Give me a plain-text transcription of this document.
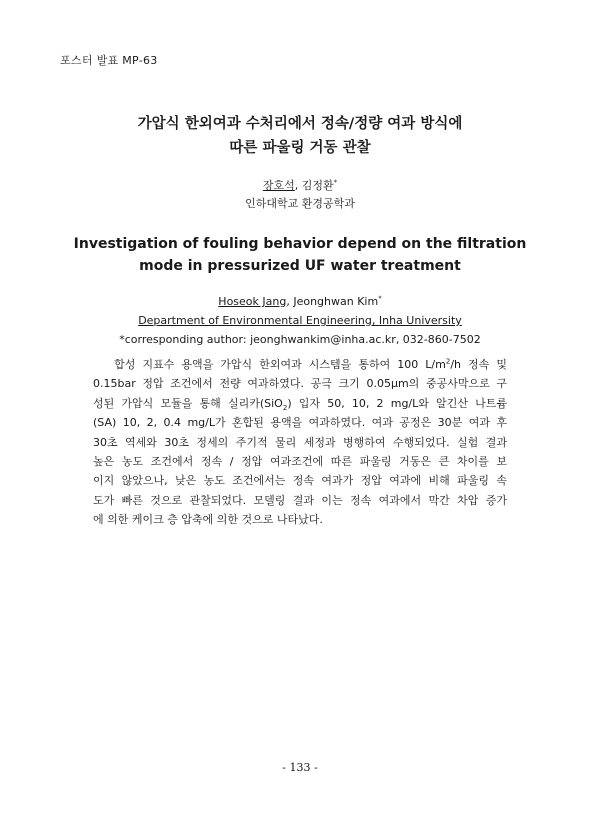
포스터 발표 MP-63
가압식 한외여과 수처리에서 정속/정량 여과 방식에
따른 파울링 거동 관찰
장호석, 김정환*
인하대학교 환경공학과
Investigation of fouling behavior depend on the filtration
mode in pressurized UF water treatment
Hoseok Jang, Jeonghwan Kim*
Department of Environmental Engineering, Inha University
*corresponding author: jeonghwankim@inha.ac.kr, 032-860-7502
합성 지표수 용액을 가압식 한외여과 시스템을 통하여 100 $L/m^2/h$ 정속 및
0.15bar 정압 조건에서 전량 여과하였다. 공극 크기 0.05μm의 중공사막으로 구
성된 가압식 모듈을 통해 실리카(SiO$_2$) 입자 50, 10, 2 mg/L와 알긴산 나트륨
(SA) 10, 2, 0.4 mg/L가 혼합된 용액을 여과하였다. 여과 공정은 30분 여과 후
30초 역세와 30초 정세의 주기적 물리 세정과 병행하여 수행되었다. 실험 결과
높은 농도 조건에서 정속 / 정압 여과조건에 따른 파울링 거동은 큰 차이를 보
이지 않았으나, 낮은 농도 조건에서는 정속 여과가 정압 여과에 비해 파울링 속
도가 빠른 것으로 관찰되었다. 모델링 결과 이는 정속 여과에서 막간 차압 증가
에 의한 케이크 층 압축에 의한 것으로 나타났다.
- 133 -
